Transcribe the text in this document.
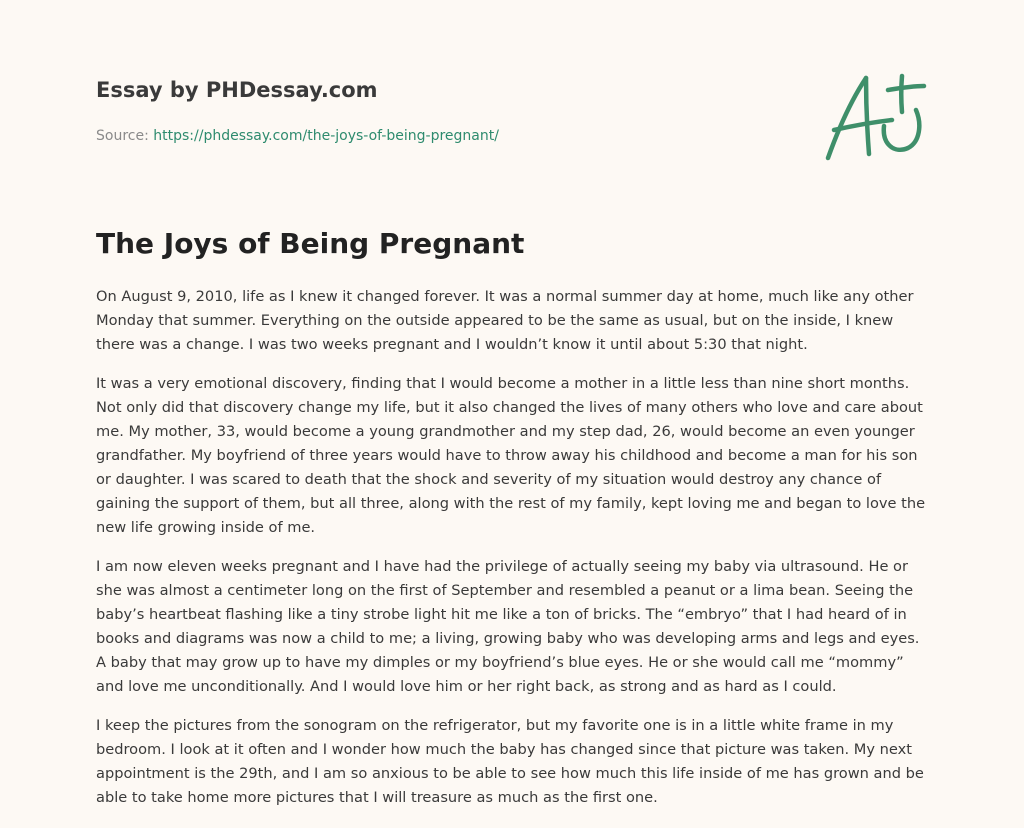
Essay by PHDessay.com

Source: https://phdessay.com/the-joys-of-being-pregnant/
The Joys of Being Pregnant

On August 9, 2010, life as I knew it changed forever. It was a normal summer day at home, much like any other Monday that summer. Everything on the outside appeared to be the same as usual, but on the inside, I knew there was a change. I was two weeks pregnant and I wouldn’t know it until about 5:30 that night.

It was a very emotional discovery, finding that I would become a mother in a little less than nine short months. Not only did that discovery change my life, but it also changed the lives of many others who love and care about me. My mother, 33, would become a young grandmother and my step dad, 26, would become an even younger grandfather. My boyfriend of three years would have to throw away his childhood and become a man for his son or daughter. I was scared to death that the shock and severity of my situation would destroy any chance of gaining the support of them, but all three, along with the rest of my family, kept loving me and began to love the new life growing inside of me.

I am now eleven weeks pregnant and I have had the privilege of actually seeing my baby via ultrasound. He or she was almost a centimeter long on the first of September and resembled a peanut or a lima bean. Seeing the baby’s heartbeat flashing like a tiny strobe light hit me like a ton of bricks. The “embryo” that I had heard of in books and diagrams was now a child to me; a living, growing baby who was developing arms and legs and eyes. A baby that may grow up to have my dimples or my boyfriend’s blue eyes. He or she would call me “mommy” and love me unconditionally. And I would love him or her right back, as strong and as hard as I could.

I keep the pictures from the sonogram on the refrigerator, but my favorite one is in a little white frame in my bedroom. I look at it often and I wonder how much the baby has changed since that picture was taken. My next appointment is the 29th, and I am so anxious to be able to see how much this life inside of me has grown and be able to take home more pictures that I will treasure as much as the first one.
